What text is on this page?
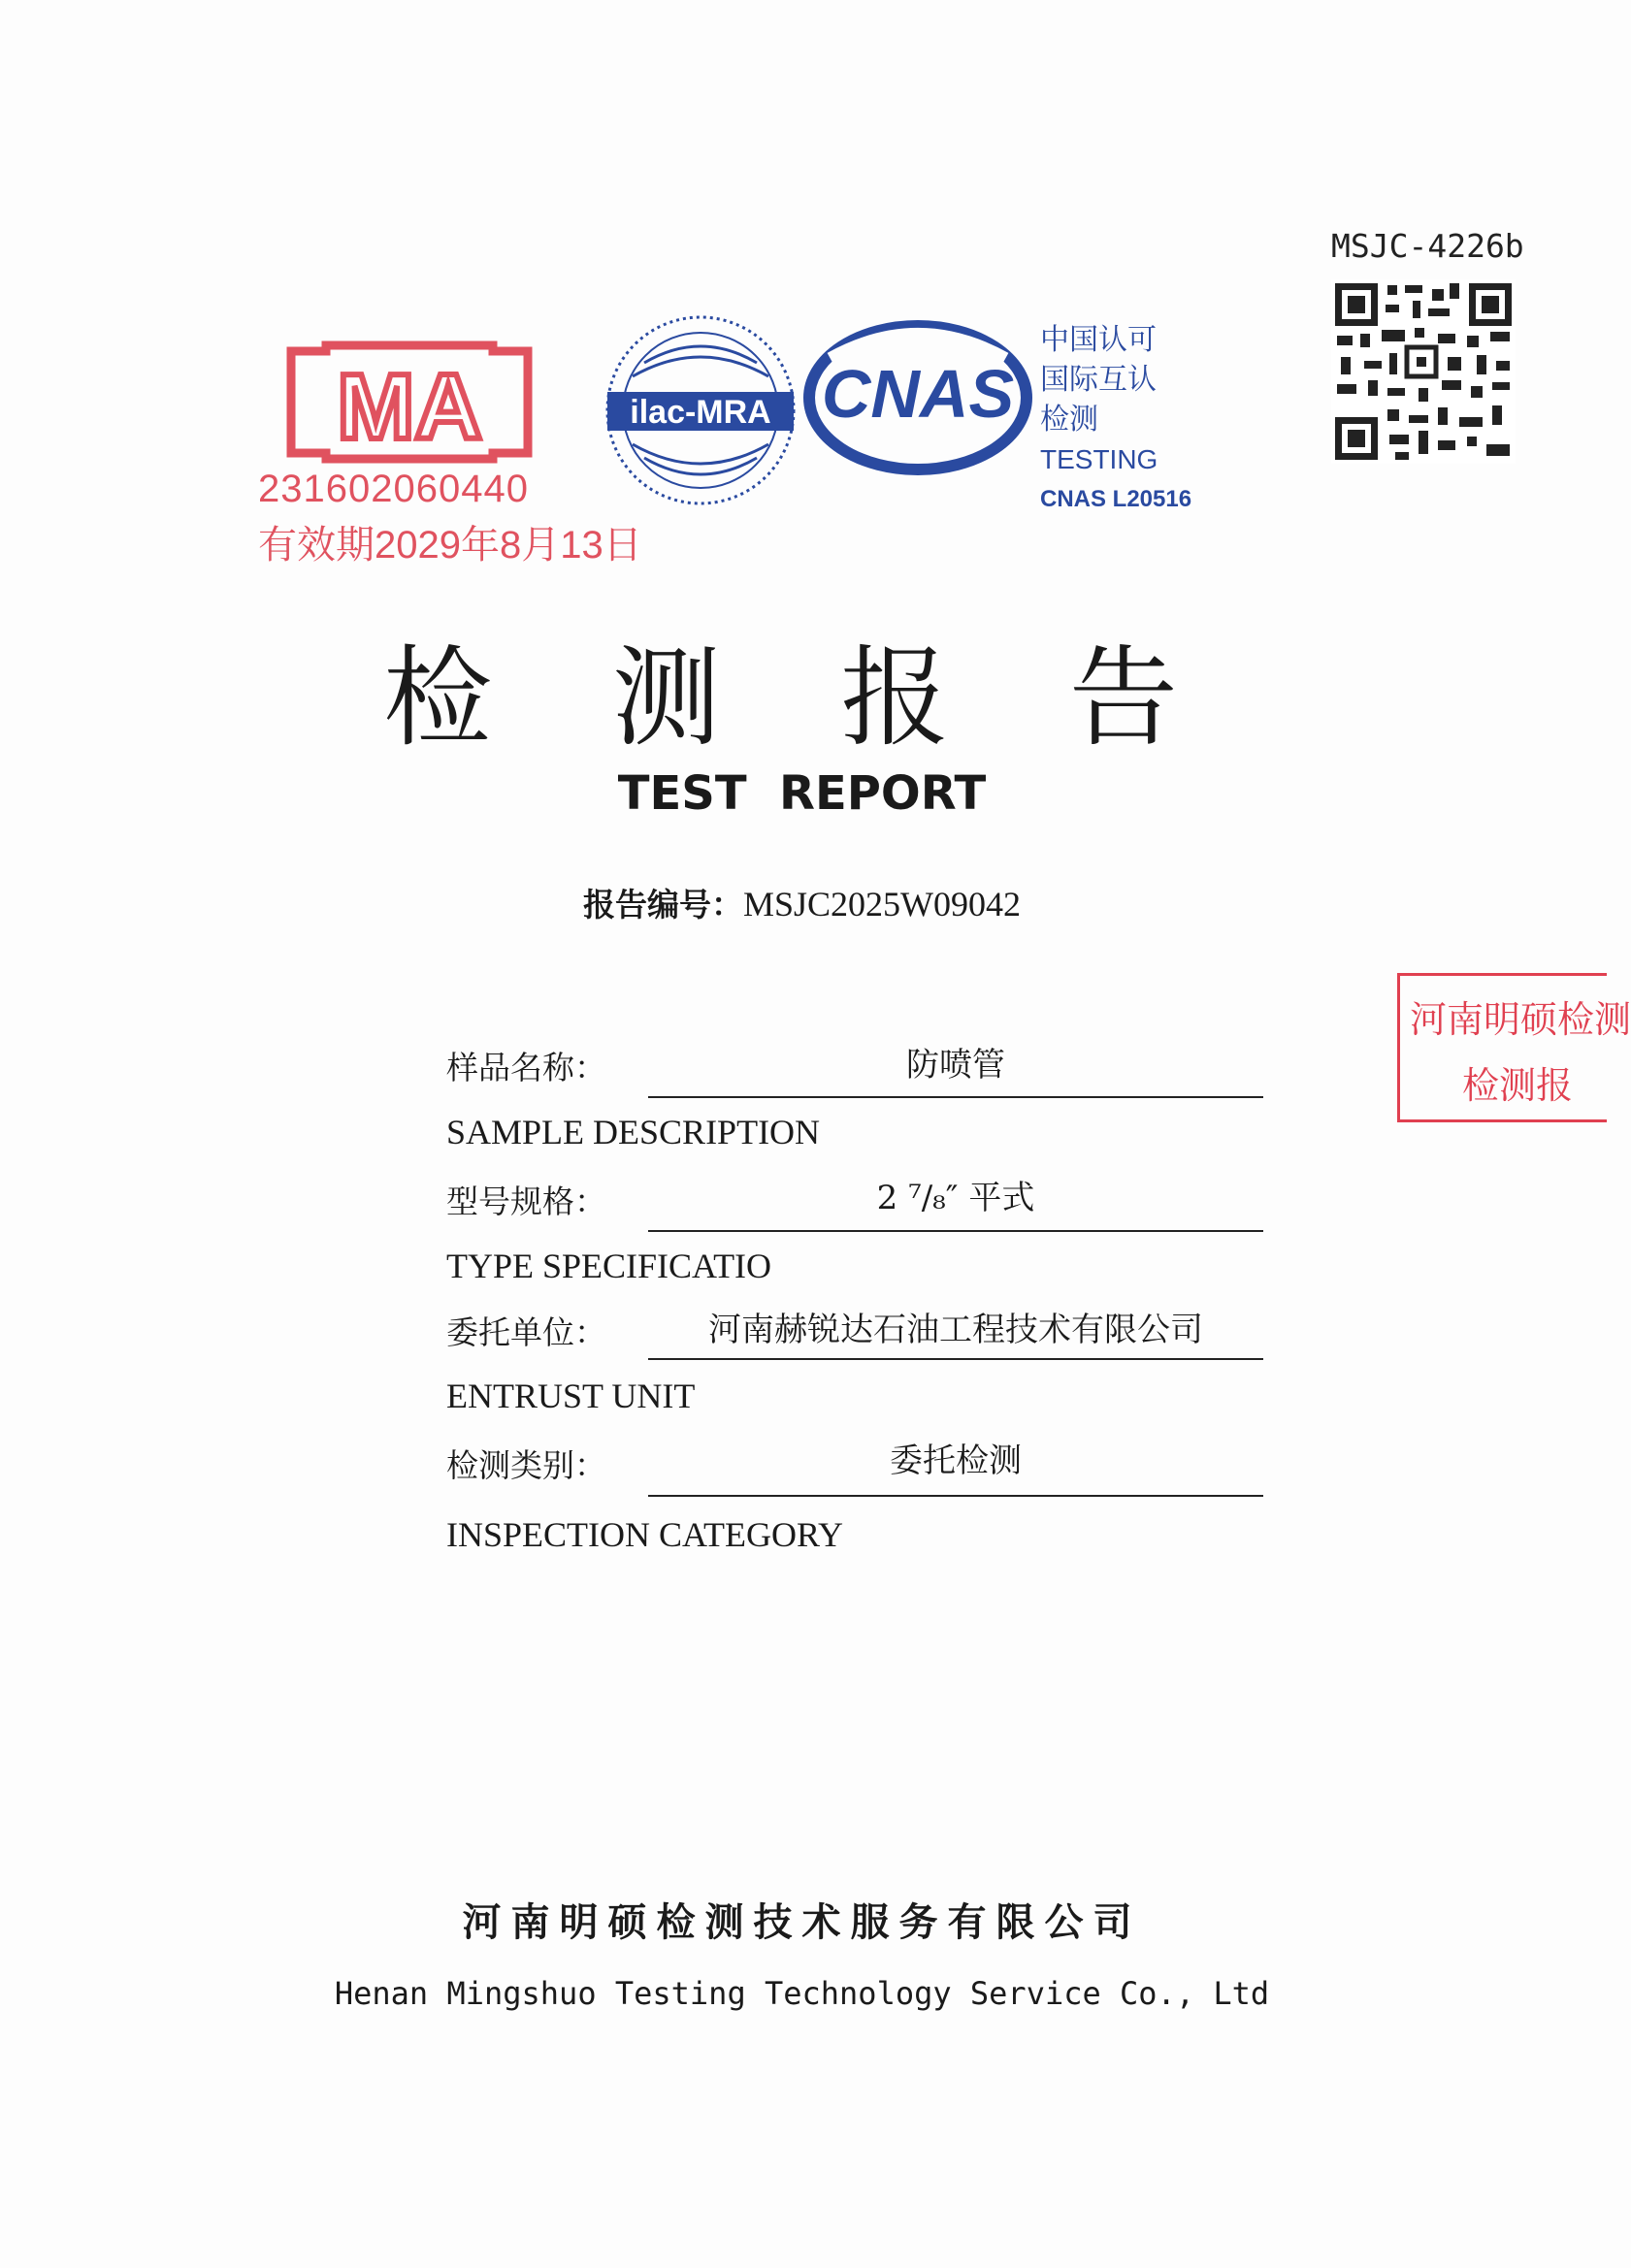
MSJC-4226b
MA
231602060440
有效期2029年8月13日
ilac-MRA CNAS
中国认可
国际互认
检测
TESTING
CNAS L20516
检 测 报 告
TEST  REPORT
报告编号：MSJC2025W09042
样品名称：	防喷管
SAMPLE DESCRIPTION
型号规格：	2 ⁷/₈″ 平式
TYPE SPECIFICATIO
委托单位：	河南赫锐达石油工程技术有限公司
ENTRUST UNIT
检测类别：	委托检测
INSPECTION CATEGORY
河南明硕检测
检测报
河南明硕检测技术服务有限公司
Henan Mingshuo Testing Technology Service Co., Ltd
